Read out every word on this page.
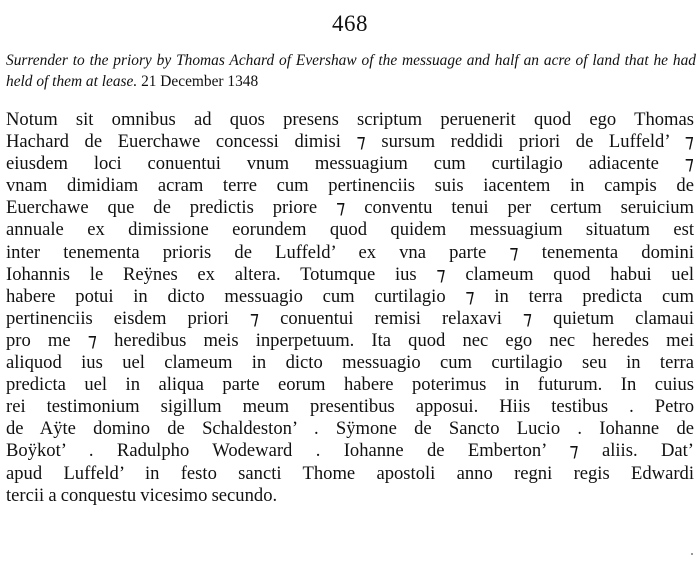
468
Surrender to the priory by Thomas Achard of Evershaw of the messuage and half an acre of land that he had held of them at lease. 21 December 1348
Notum sit omnibus ad quos presens scriptum peruenerit quod ego Thomas
Hachard de Euerchawe concessi dimisi ⁊ sursum reddidi priori de Luffeld’ ⁊
eiusdem loci conuentui vnum messuagium cum curtilagio adiacente ⁊
vnam dimidiam acram terre cum pertinenciis suis iacentem in campis de
Euerchawe que de predictis priore ⁊ conventu tenui per certum seruicium
annuale ex dimissione eorundem quod quidem messuagium situatum est
inter tenementa prioris de Luffeld’ ex vna parte ⁊ tenementa domini
Iohannis le Reÿnes ex altera. Totumque ius ⁊ clameum quod habui uel
habere potui in dicto messuagio cum curtilagio ⁊ in terra predicta cum
pertinenciis eisdem priori ⁊ conuentui remisi relaxavi ⁊ quietum clamaui
pro me ⁊ heredibus meis inperpetuum. Ita quod nec ego nec heredes mei
aliquod ius uel clameum in dicto messuagio cum curtilagio seu in terra
predicta uel in aliqua parte eorum habere poterimus in futurum. In cuius
rei testimonium sigillum meum presentibus apposui. Hiis testibus . Petro
de Aÿte domino de Schaldeston’ . Sÿmone de Sancto Lucio . Iohanne de
Boÿkot’ . Radulpho Wodeward . Iohanne de Emberton’ ⁊ aliis. Dat’
apud Luffeld’ in festo sancti Thome apostoli anno regni regis Edwardi
tercii a conquestu vicesimo secundo.
